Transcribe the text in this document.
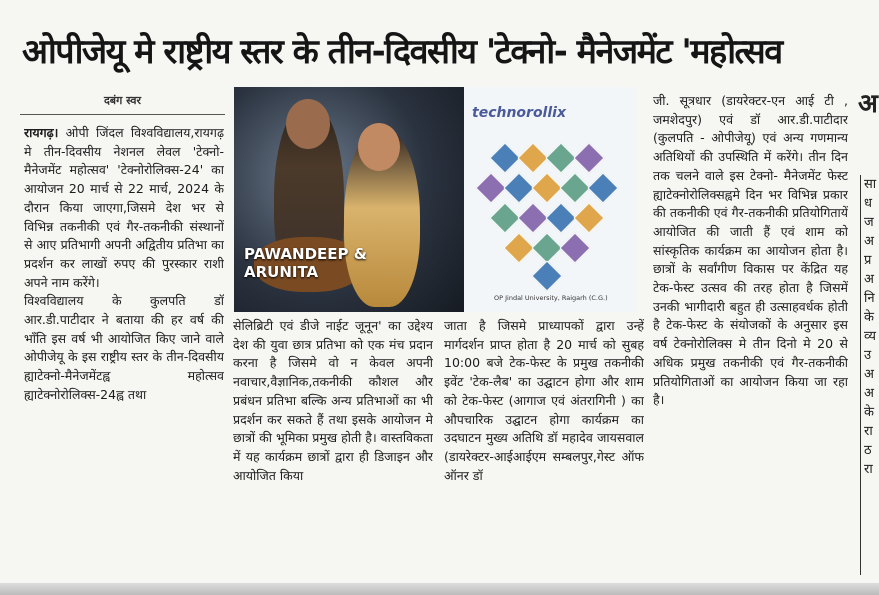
ओपीजेयू मे राष्ट्रीय स्तर के तीन-दिवसीय 'टेक्नो- मैनेजमेंट 'महोत्सव
अ
दबंग स्वर
रायगढ़। ओपी जिंदल विश्वविद्यालय,रायगढ़ मे तीन-दिवसीय नेशनल लेवल 'टेक्नो-मैनेजमेंट महोत्सव' 'टेक्नोरोलिक्स-24' का आयोजन 20 मार्च से 22 मार्च, 2024 के दौरान किया जाएगा,जिसमे देश भर से विभिन्न तकनीकी एवं गैर-तकनीकी संस्थानों से आए प्रतिभागी अपनी अद्वितीय प्रतिभा का प्रदर्शन कर लाखों रुपए की पुरस्कार राशी अपने नाम करेंगे।
विश्वविद्यालय के कुलपति डॉ आर.डी.पाटीदार ने बताया की हर वर्ष की भाँति इस वर्ष भी आयोजित किए जाने वाले ओपीजेयू के इस राष्ट्रीय स्तर के तीन-दिवसीय ह्याटेक्नो-मैनेजमेंटह्व महोत्सव ह्याटेक्नोरोलिक्स-24ह्व तथा
PAWANDEEP &
ARUNITA
technorollix
OP Jindal University, Raigarh (C.G.)
सेलिब्रिटी एवं डीजे नाईट जूनून' का उद्देश्य देश की युवा छात्र प्रतिभा को एक मंच प्रदान करना है जिसमे वो न केवल अपनी नवाचार,वैज्ञानिक,तकनीकी कौशल और प्रबंधन प्रतिभा बल्कि अन्य प्रतिभाओं का भी प्रदर्शन कर सकते हैं तथा इसके आयोजन मे छात्रों की भूमिका प्रमुख होती है। वास्तविकता में यह कार्यक्रम छात्रों द्वारा ही डिजाइन और आयोजित किया
जाता है जिसमे प्राध्यापकों द्वारा उन्हें मार्गदर्शन प्राप्त होता है 20 मार्च को सुबह 10:00 बजे टेक-फेस्ट के प्रमुख तकनीकी इवेंट 'टेक-लैब' का उद्घाटन होगा और शाम को टेक-फेस्ट (आगाज एवं अंतरागिनी ) का औपचारिक उद्घाटन होगा कार्यक्रम का उदघाटन मुख्य अतिथि डॉ महादेव जायसवाल (डायरेक्टर-आईआईएम सम्बलपुर,गेस्ट ऑफ ऑनर डॉ
जी. सूत्रधार (डायरेक्टर-एन आई टी , जमशेदपुर) एवं डॉ आर.डी.पाटीदार (कुलपति - ओपीजेयू) एवं अन्य गणमान्य अतिथियों की उपस्थिति में करेंगे। तीन दिन तक चलने वाले इस टेक्नो- मैनेजमेंट फेस्ट ह्याटेक्नोरोलिक्सह्वमे दिन भर विभिन्न प्रकार की तकनीकी एवं गैर-तकनीकी प्रतियोगितायें आयोजित की जाती हैं एवं शाम को सांस्कृतिक कार्यक्रम का आयोजन होता है। छात्रों के सर्वांगीण विकास पर केंद्रित यह टेक-फेस्ट उत्सव की तरह होता है जिसमें उनकी भागीदारी बहुत ही उत्साहवर्धक होती है टेक-फेस्ट के संयोजकों के अनुसार इस वर्ष टेक्नोरोलिक्स मे तीन दिनो मे 20 से अधिक प्रमुख तकनीकी एवं गैर-तकनीकी प्रतियोगिताओं का आयोजन किया जा रहा है।
सा
ध
ज
अ
प्र
अ
नि
के
व्य
उ
अ
अ
के
रा
ठ
रा
